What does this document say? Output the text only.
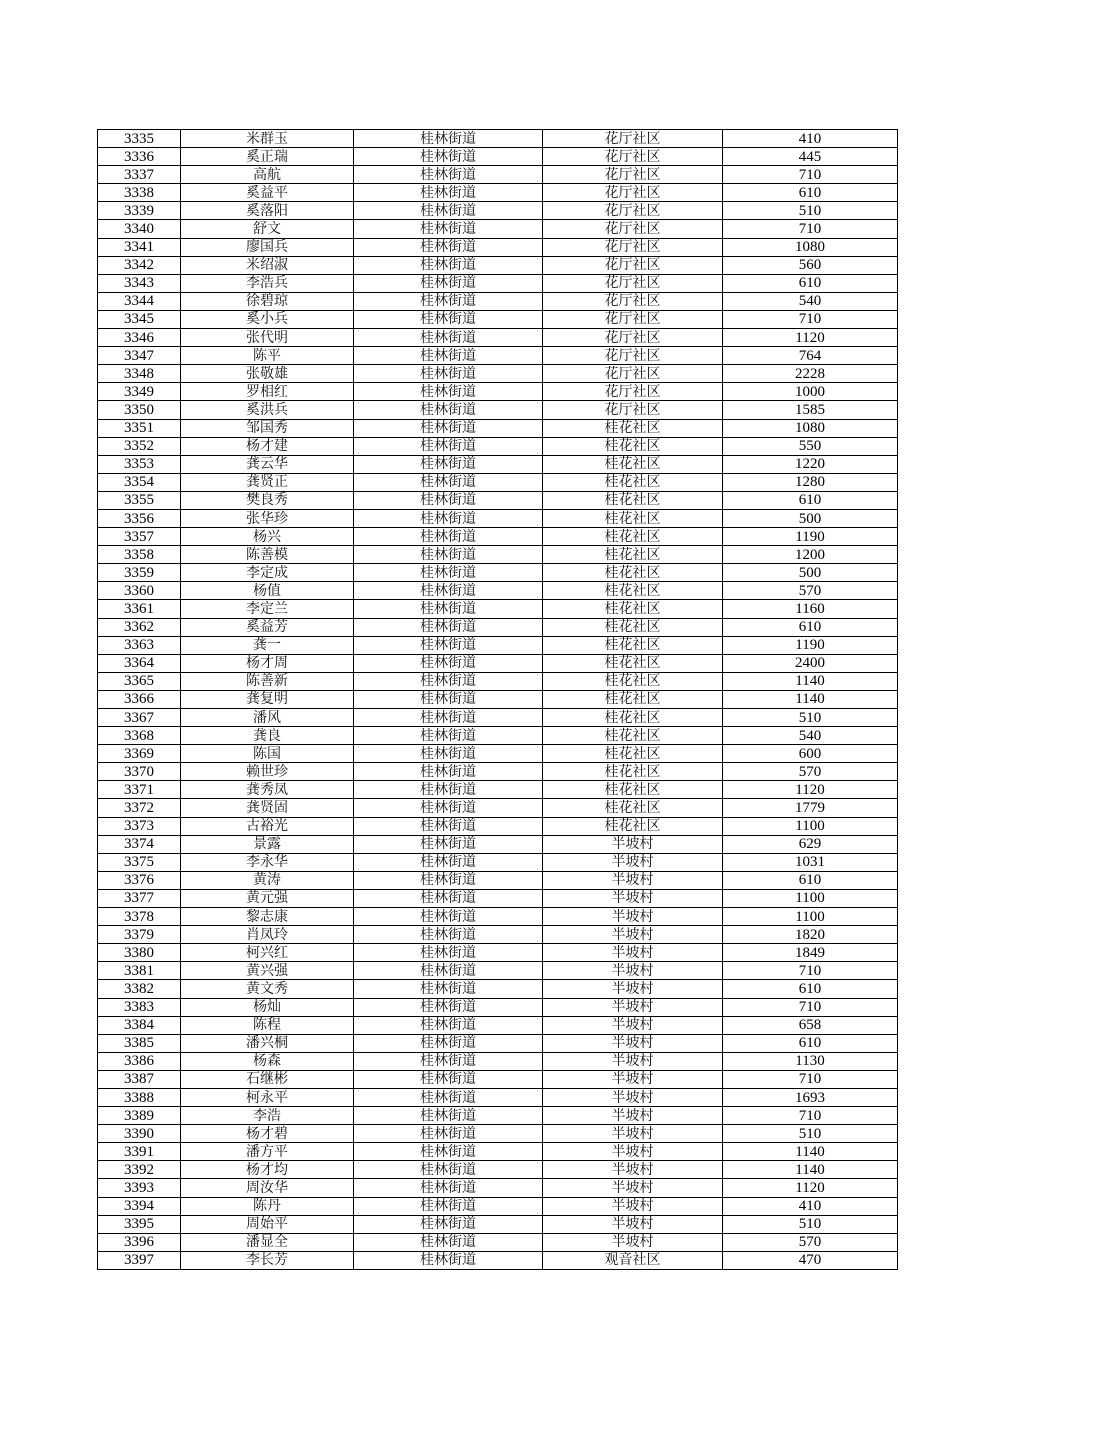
3335	米群玉	桂林街道	花厅社区	410
3336	奚正瑞	桂林街道	花厅社区	445
3337	高航	桂林街道	花厅社区	710
3338	奚益平	桂林街道	花厅社区	610
3339	奚落阳	桂林街道	花厅社区	510
3340	舒文	桂林街道	花厅社区	710
3341	廖国兵	桂林街道	花厅社区	1080
3342	米绍淑	桂林街道	花厅社区	560
3343	李浩兵	桂林街道	花厅社区	610
3344	徐碧琼	桂林街道	花厅社区	540
3345	奚小兵	桂林街道	花厅社区	710
3346	张代明	桂林街道	花厅社区	1120
3347	陈平	桂林街道	花厅社区	764
3348	张敬雄	桂林街道	花厅社区	2228
3349	罗相红	桂林街道	花厅社区	1000
3350	奚洪兵	桂林街道	花厅社区	1585
3351	邹国秀	桂林街道	桂花社区	1080
3352	杨才建	桂林街道	桂花社区	550
3353	龚云华	桂林街道	桂花社区	1220
3354	龚贤正	桂林街道	桂花社区	1280
3355	樊良秀	桂林街道	桂花社区	610
3356	张华珍	桂林街道	桂花社区	500
3357	杨兴	桂林街道	桂花社区	1190
3358	陈善模	桂林街道	桂花社区	1200
3359	李定成	桂林街道	桂花社区	500
3360	杨值	桂林街道	桂花社区	570
3361	李定兰	桂林街道	桂花社区	1160
3362	奚益芳	桂林街道	桂花社区	610
3363	龚一	桂林街道	桂花社区	1190
3364	杨才周	桂林街道	桂花社区	2400
3365	陈善新	桂林街道	桂花社区	1140
3366	龚复明	桂林街道	桂花社区	1140
3367	潘风	桂林街道	桂花社区	510
3368	龚良	桂林街道	桂花社区	540
3369	陈国	桂林街道	桂花社区	600
3370	赖世珍	桂林街道	桂花社区	570
3371	龚秀凤	桂林街道	桂花社区	1120
3372	龚贤固	桂林街道	桂花社区	1779
3373	古裕光	桂林街道	桂花社区	1100
3374	景露	桂林街道	半坡村	629
3375	李永华	桂林街道	半坡村	1031
3376	黄涛	桂林街道	半坡村	610
3377	黄元强	桂林街道	半坡村	1100
3378	黎志康	桂林街道	半坡村	1100
3379	肖凤玲	桂林街道	半坡村	1820
3380	柯兴红	桂林街道	半坡村	1849
3381	黄兴强	桂林街道	半坡村	710
3382	黄文秀	桂林街道	半坡村	610
3383	杨灿	桂林街道	半坡村	710
3384	陈程	桂林街道	半坡村	658
3385	潘兴桐	桂林街道	半坡村	610
3386	杨森	桂林街道	半坡村	1130
3387	石继彬	桂林街道	半坡村	710
3388	柯永平	桂林街道	半坡村	1693
3389	李浩	桂林街道	半坡村	710
3390	杨才碧	桂林街道	半坡村	510
3391	潘方平	桂林街道	半坡村	1140
3392	杨才均	桂林街道	半坡村	1140
3393	周汝华	桂林街道	半坡村	1120
3394	陈丹	桂林街道	半坡村	410
3395	周始平	桂林街道	半坡村	510
3396	潘显全	桂林街道	半坡村	570
3397	李长芳	桂林街道	观音社区	470
